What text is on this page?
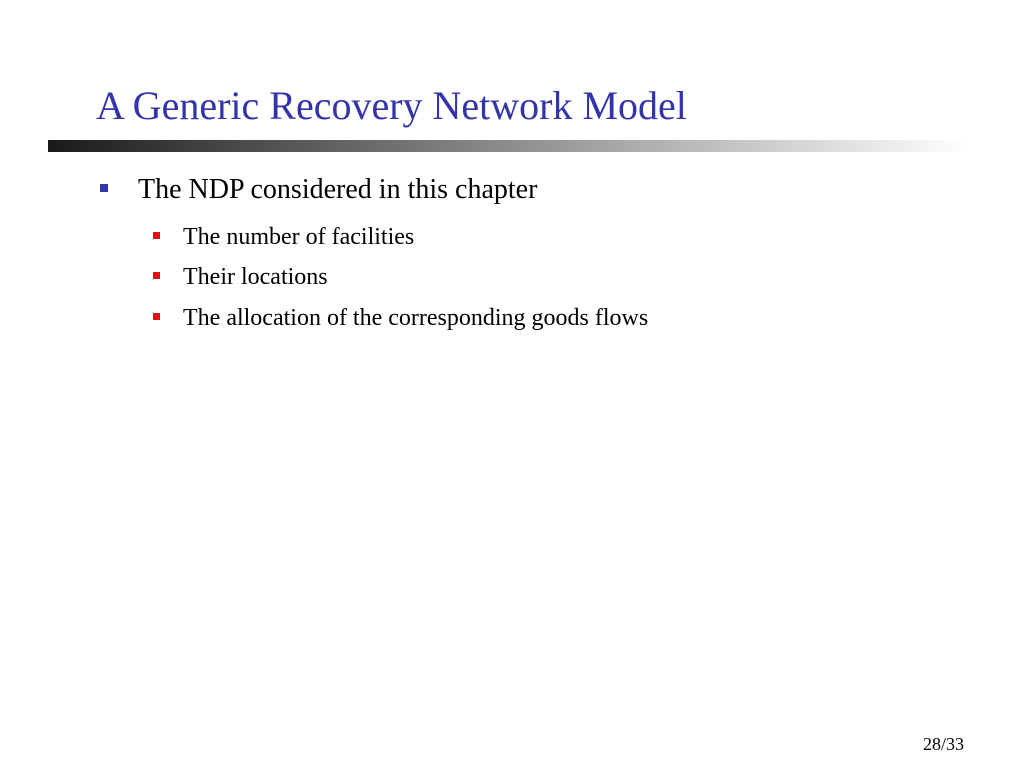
A Generic Recovery Network Model
The NDP considered in this chapter
The number of facilities
Their locations
The allocation of the corresponding goods flows
28/33
